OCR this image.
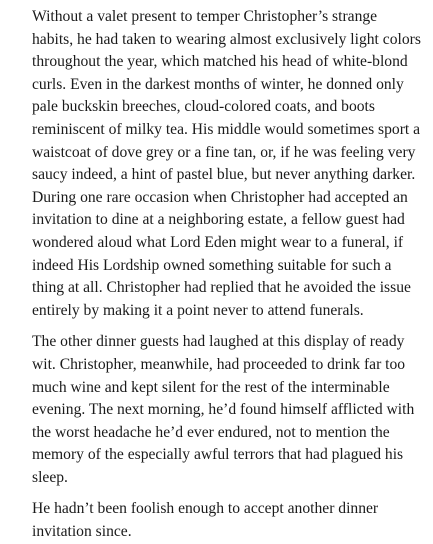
Without a valet present to temper Christopher’s strange
habits, he had taken to wearing almost exclusively light colors
throughout the year, which matched his head of white-blond
curls. Even in the darkest months of winter, he donned only
pale buckskin breeches, cloud-colored coats, and boots
reminiscent of milky tea. His middle would sometimes sport a
waistcoat of dove grey or a fine tan, or, if he was feeling very
saucy indeed, a hint of pastel blue, but never anything darker.
During one rare occasion when Christopher had accepted an
invitation to dine at a neighboring estate, a fellow guest had
wondered aloud what Lord Eden might wear to a funeral, if
indeed His Lordship owned something suitable for such a
thing at all. Christopher had replied that he avoided the issue
entirely by making it a point never to attend funerals.

The other dinner guests had laughed at this display of ready
wit. Christopher, meanwhile, had proceeded to drink far too
much wine and kept silent for the rest of the interminable
evening. The next morning, he’d found himself afflicted with
the worst headache he’d ever endured, not to mention the
memory of the especially awful terrors that had plagued his
sleep.

He hadn’t been foolish enough to accept another dinner
invitation since.
